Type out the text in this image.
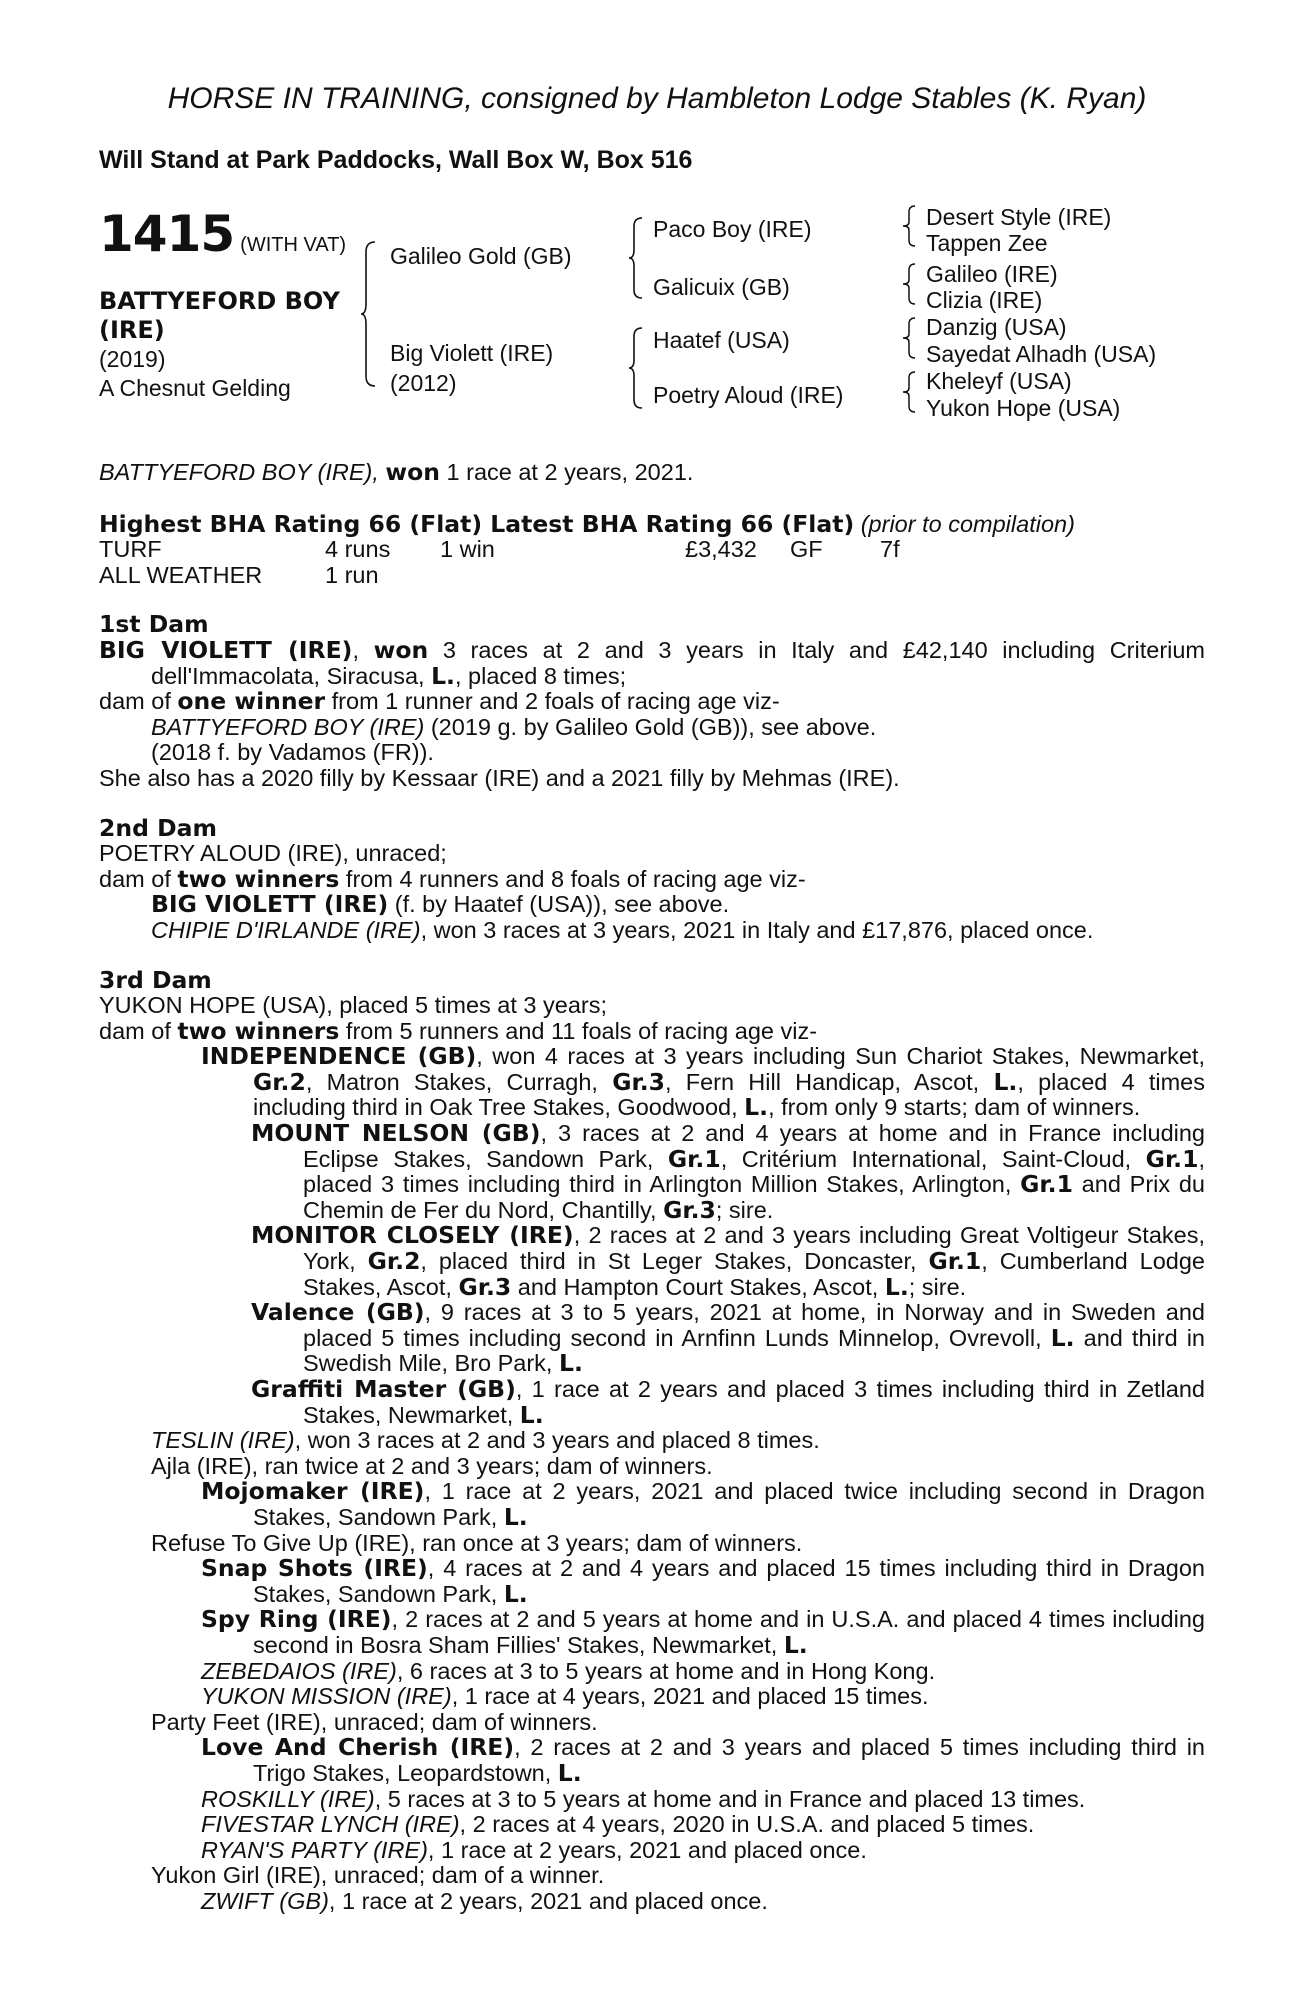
HORSE IN TRAINING, consigned by Hambleton Lodge Stables (K. Ryan)
Will Stand at Park Paddocks, Wall Box W, Box 516
1415 (WITH VAT)
BATTYEFORD BOY
(IRE)
(2019)
A Chesnut Gelding
Galileo Gold (GB)
Big Violett (IRE)
(2012)
Paco Boy (IRE)
Galicuix (GB)
Haatef (USA)
Poetry Aloud (IRE)
Desert Style (IRE)
Tappen Zee
Galileo (IRE)
Clizia (IRE)
Danzig (USA)
Sayedat Alhadh (USA)
Kheleyf (USA)
Yukon Hope (USA)

BATTYEFORD BOY (IRE), won 1 race at 2 years, 2021.

Highest BHA Rating 66 (Flat) Latest BHA Rating 66 (Flat) (prior to compilation)

TURF	4 runs	1 win	£3,432	GF	7f
ALL WEATHER	1 run

1st Dam

BIG VIOLETT (IRE), won 3 races at 2 and 3 years in Italy and £42,140 including Criterium dell'Immacolata, Siracusa, L., placed 8 times;

dam of one winner from 1 runner and 2 foals of racing age viz-

BATTYEFORD BOY (IRE) (2019 g. by Galileo Gold (GB)), see above.

(2018 f. by Vadamos (FR)).

She also has a 2020 filly by Kessaar (IRE) and a 2021 filly by Mehmas (IRE).

2nd Dam

POETRY ALOUD (IRE), unraced;

dam of two winners from 4 runners and 8 foals of racing age viz-

BIG VIOLETT (IRE) (f. by Haatef (USA)), see above.

CHIPIE D'IRLANDE (IRE), won 3 races at 3 years, 2021 in Italy and £17,876, placed once.

3rd Dam

YUKON HOPE (USA), placed 5 times at 3 years;

dam of two winners from 5 runners and 11 foals of racing age viz-

INDEPENDENCE (GB), won 4 races at 3 years including Sun Chariot Stakes, Newmarket, Gr.2, Matron Stakes, Curragh, Gr.3, Fern Hill Handicap, Ascot, L., placed 4 times including third in Oak Tree Stakes, Goodwood, L., from only 9 starts; dam of winners.

MOUNT NELSON (GB), 3 races at 2 and 4 years at home and in France including Eclipse Stakes, Sandown Park, Gr.1, Critérium International, Saint-Cloud, Gr.1, placed 3 times including third in Arlington Million Stakes, Arlington, Gr.1 and Prix du Chemin de Fer du Nord, Chantilly, Gr.3; sire.

MONITOR CLOSELY (IRE), 2 races at 2 and 3 years including Great Voltigeur Stakes, York, Gr.2, placed third in St Leger Stakes, Doncaster, Gr.1, Cumberland Lodge Stakes, Ascot, Gr.3 and Hampton Court Stakes, Ascot, L.; sire.

Valence (GB), 9 races at 3 to 5 years, 2021 at home, in Norway and in Sweden and placed 5 times including second in Arnfinn Lunds Minnelop, Ovrevoll, L. and third in Swedish Mile, Bro Park, L.

Graffiti Master (GB), 1 race at 2 years and placed 3 times including third in Zetland Stakes, Newmarket, L.

TESLIN (IRE), won 3 races at 2 and 3 years and placed 8 times.

Ajla (IRE), ran twice at 2 and 3 years; dam of winners.

Mojomaker (IRE), 1 race at 2 years, 2021 and placed twice including second in Dragon Stakes, Sandown Park, L.

Refuse To Give Up (IRE), ran once at 3 years; dam of winners.

Snap Shots (IRE), 4 races at 2 and 4 years and placed 15 times including third in Dragon Stakes, Sandown Park, L.

Spy Ring (IRE), 2 races at 2 and 5 years at home and in U.S.A. and placed 4 times including second in Bosra Sham Fillies' Stakes, Newmarket, L.

ZEBEDAIOS (IRE), 6 races at 3 to 5 years at home and in Hong Kong.

YUKON MISSION (IRE), 1 race at 4 years, 2021 and placed 15 times.

Party Feet (IRE), unraced; dam of winners.

Love And Cherish (IRE), 2 races at 2 and 3 years and placed 5 times including third in Trigo Stakes, Leopardstown, L.

ROSKILLY (IRE), 5 races at 3 to 5 years at home and in France and placed 13 times.

FIVESTAR LYNCH (IRE), 2 races at 4 years, 2020 in U.S.A. and placed 5 times.

RYAN'S PARTY (IRE), 1 race at 2 years, 2021 and placed once.

Yukon Girl (IRE), unraced; dam of a winner.

ZWIFT (GB), 1 race at 2 years, 2021 and placed once.
